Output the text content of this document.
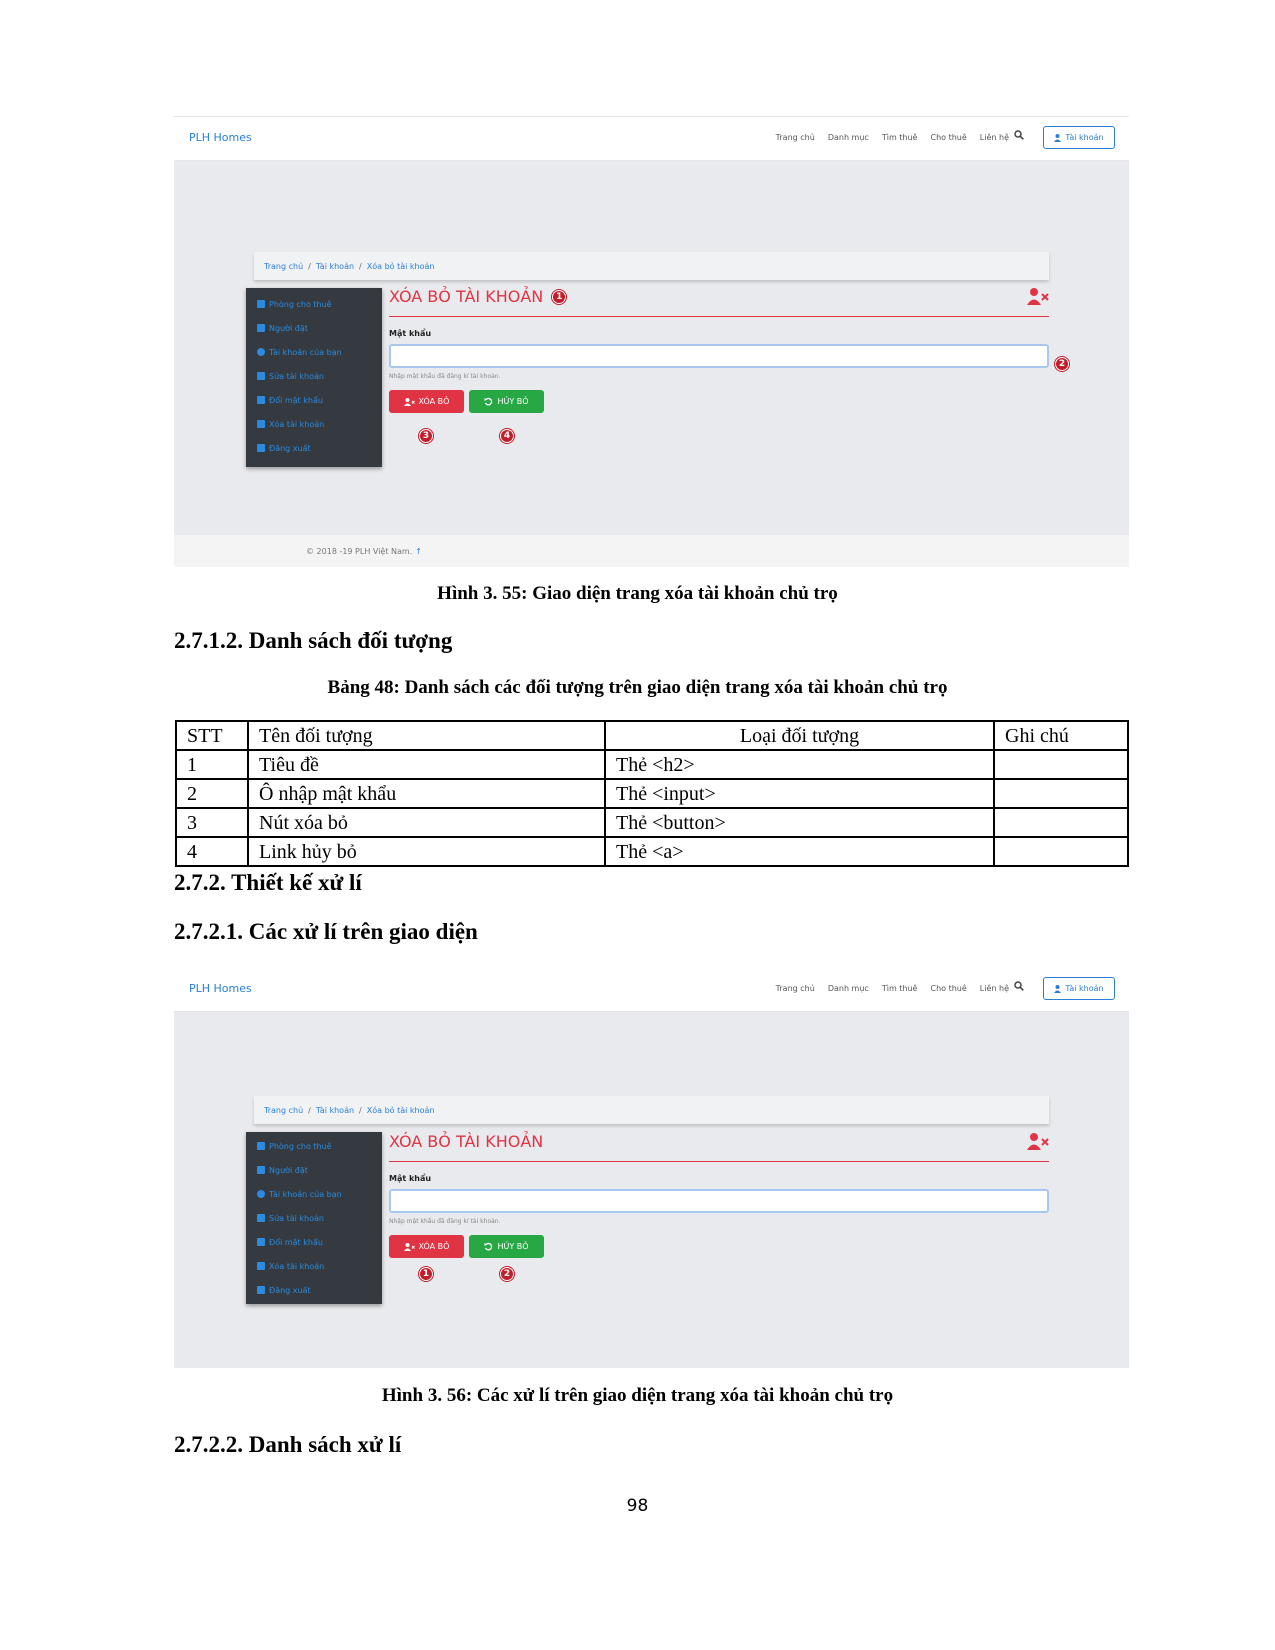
PLH Homes	Trang chủ Danh mục Tìm thuê Cho thuê Liên hệ	Tài khoản
Trang chủ / Tài khoản / Xóa bỏ tài khoản
Phòng cho thuê
Người đặt
Tài khoản của bạn
Sửa tài khoản
Đổi mật khẩu
Xóa tài khoản
Đăng xuất
XÓA BỎ TÀI KHOẢN	1
Mật khẩu
Nhập mật khẩu đã đăng kí tài khoản.
XÓA BỎ	HỦY BỎ
2
3	4
© 2018 -19 PLH Việt Nam. ↑
Hình 3. 55: Giao diện trang xóa tài khoản chủ trọ
2.7.1.2. Danh sách đối tượng
Bảng 48: Danh sách các đối tượng trên giao diện trang xóa tài khoản chủ trọ
STT	Tên đối tượng	Loại đối tượng	Ghi chú
1	Tiêu đề	Thẻ <h2>	
2	Ô nhập mật khẩu	Thẻ <input>	
3	Nút xóa bỏ	Thẻ <button>	
4	Link hủy bỏ	Thẻ <a>	
2.7.2. Thiết kế xử lí
2.7.2.1. Các xử lí trên giao diện
PLH Homes	Trang chủ Danh mục Tìm thuê Cho thuê Liên hệ	Tài khoản
Trang chủ / Tài khoản / Xóa bỏ tài khoản
Phòng cho thuê
Người đặt
Tài khoản của bạn
Sửa tài khoản
Đổi mật khẩu
Xóa tài khoản
Đăng xuất
XÓA BỎ TÀI KHOẢN
Mật khẩu
Nhập mật khẩu đã đăng kí tài khoản.
XÓA BỎ	HỦY BỎ
1	2
Hình 3. 56: Các xử lí trên giao diện trang xóa tài khoản chủ trọ
2.7.2.2. Danh sách xử lí
98
